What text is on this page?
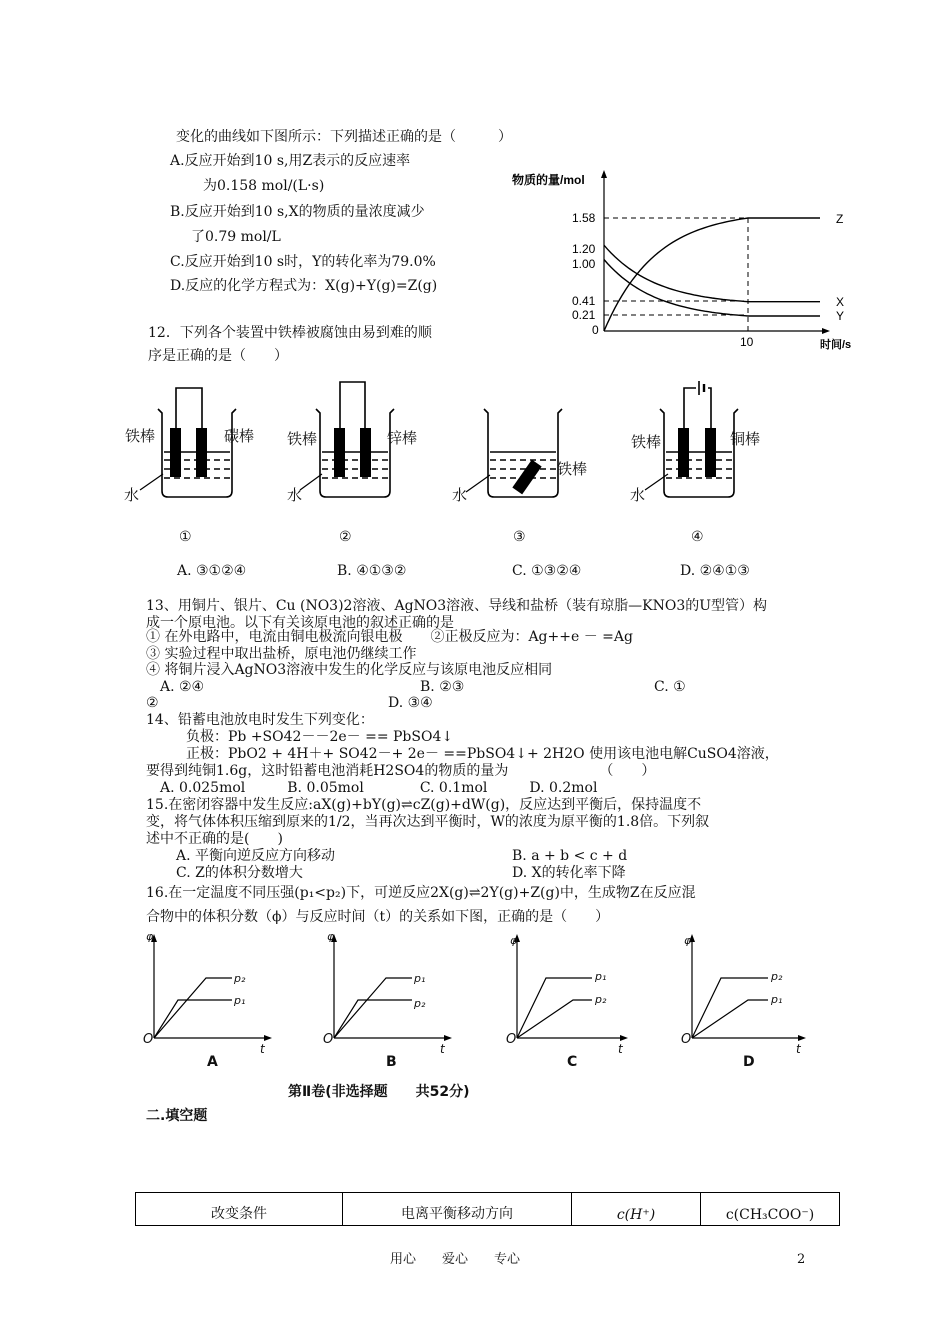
变化的曲线如下图所示：下列描述正确的是（　　　）
A.反应开始到10 s,用Z表示的反应速率
为0.158 mol/(L·s)
B.反应开始到10 s,X的物质的量浓度减少
了0.79 mol/L
C.反应开始到10 s时，Y的转化率为79.0%
D.反应的化学方程式为：X(g)+Y(g)=Z(g)
物质的量/mol
时间/s
1.58
1.20
1.00
0.41
0.21
0
10
Z
X
Y
12．下列各个装置中铁棒被腐蚀由易到难的顺
序是正确的是（　　）
铁棒	碳棒 铁棒	锌棒
铁棒
铁棒	铜棒
水	水	水	水
①	②	③	④
A. ③①②④	B. ④①③②	C. ①③②④	D. ②④①③
13、用铜片、银片、Cu (NO3)2溶液、AgNO3溶液、导线和盐桥（装有琼脂—KNO3的U型管）构
成一个原电池。以下有关该原电池的叙述正确的是
① 在外电路中，电流由铜电极流向银电极　　②正极反应为：Ag++e － =Ag
③ 实验过程中取出盐桥，原电池仍继续工作
④ 将铜片浸入AgNO3溶液中发生的化学反应与该原电池反应相同
A. ②④	B. ②③	C. ①
②	D. ③④
14、铅蓄电池放电时发生下列变化：
负极：Pb +SO42－－2e－ == PbSO4↓
正极：PbO2 + 4H＋+ SO42－+ 2e－ ==PbSO4↓+ 2H2O 使用该电池电解CuSO4溶液，
要得到纯铜1.6g，这时铅蓄电池消耗H2SO4的物质的量为　　　　　　　（　　）
A. 0.025mol　　　B. 0.05mol　　　　C. 0.1mol　　　D. 0.2mol
15.在密闭容器中发生反应:aX(g)+bY(g)⇌cZ(g)+dW(g)，反应达到平衡后，保持温度不
变，将气体体积压缩到原来的1/2，当再次达到平衡时，W的浓度为原平衡的1.8倍。下列叙
述中不正确的是(　　)
A. 平衡向逆反应方向移动	B. a + b < c + d
C. Z的体积分数增大	D. X的转化率下降
16.在一定温度不同压强(p₁<p₂)下，可逆反应2X(g)⇌2Y(g)+Z(g)中，生成物Z在反应混
合物中的体积分数（ϕ）与反应时间（t）的关系如下图，正确的是（　　）
φ	φ	φ	φ
O	O	O	O
t	t	t	t
p₂
p₁
p₁
p₂
p₁
p₂
p₂
p₁
A	B	C	D
第Ⅱ卷(非选择题　　共52分)
二.填空题
改变条件	电离平衡移动方向	c(H⁺)	c(CH₃COO⁻)
用心　　爱心　　专心	2
